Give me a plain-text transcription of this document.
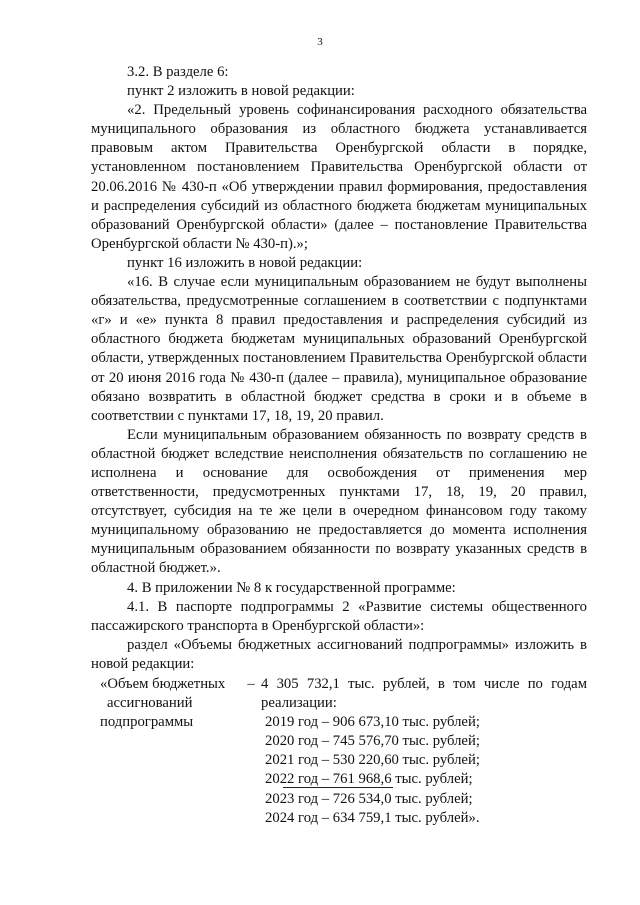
3

3.2. В разделе 6:

пункт 2 изложить в новой редакции:

«2. Предельный уровень софинансирования расходного обязательства муниципального образования из областного бюджета устанавливается правовым актом Правительства Оренбургской области в порядке, установленном постановлением Правительства Оренбургской области от 20.06.2016 № 430-п «Об утверждении правил формирования, предоставления и распределения субсидий из областного бюджета бюджетам муниципальных образований Оренбургской области» (далее – постановление Правительства Оренбургской области № 430-п).»;

пункт 16 изложить в новой редакции:

«16. В случае если муниципальным образованием не будут выполнены обязательства, предусмотренные соглашением в соответствии с подпунктами «г» и «е» пункта 8 правил предоставления и распределения субсидий из областного бюджета бюджетам муниципальных образований Оренбургской области, утвержденных постановлением Правительства Оренбургской области от 20 июня 2016 года № 430-п (далее – правила), муниципальное образование обязано возвратить в областной бюджет средства в сроки и в объеме в соответствии с пунктами 17, 18, 19, 20 правил.

Если муниципальным образованием обязанность по возврату средств в областной бюджет вследствие неисполнения обязательств по соглашению не исполнена и основание для освобождения от применения мер ответственности, предусмотренных пунктами 17, 18, 19, 20 правил, отсутствует, субсидия на те же цели в очередном финансовом году такому муниципальному образованию не предоставляется до момента исполнения муниципальным образованием обязанности по возврату указанных средств в областной бюджет.».

4. В приложении № 8 к государственной программе:

4.1. В паспорте подпрограммы 2 «Развитие системы общественного пассажирского транспорта в Оренбургской области»:

раздел «Объемы бюджетных ассигнований подпрограммы» изложить в новой редакции:

«Объем бюджетных
ассигнований
подпрограммы
– 4 305 732,1 тыс. рублей, в том числе по годам реализации:
2019 год – 906 673,10 тыс. рублей;
2020 год – 745 576,70 тыс. рублей;
2021 год – 530 220,60 тыс. рублей;
2022 год – 761 968,6 тыс. рублей;
2023 год – 726 534,0 тыс. рублей;
2024 год – 634 759,1 тыс. рублей».
